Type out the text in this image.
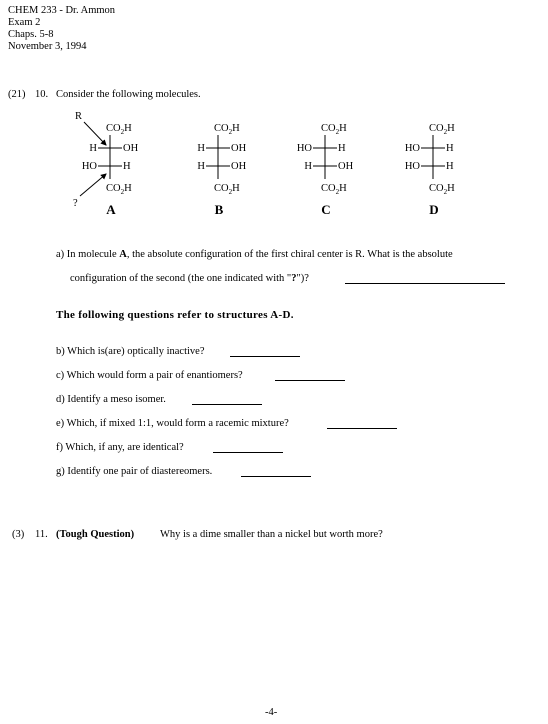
CHEM 233 - Dr. Ammon
Exam 2
Chaps. 5-8
November 3, 1994
(21) 10. Consider the following molecules.
$CO_2H$
$CO_2H$
H OH
HO H
A
$CO_2H$
$CO_2H$
H OH
H OH
B
$CO_2H$
$CO_2H$
HO H
H OH
C
$CO_2H$
$CO_2H$
HO H
HO H
D
R
?
a) In molecule A, the absolute configuration of the first chiral center is R. What is the absolute
configuration of the second (the one indicated with "?")?
The following questions refer to structures A-D.
b) Which is(are) optically inactive?
c) Which would form a pair of enantiomers?
d) Identify a meso isomer.
e) Which, if mixed 1:1, would form a racemic mixture?
f) Which, if any, are identical?
g) Identify one pair of diastereomers.
(3) 11. (Tough Question) Why is a dime smaller than a nickel but worth more?
-4-
